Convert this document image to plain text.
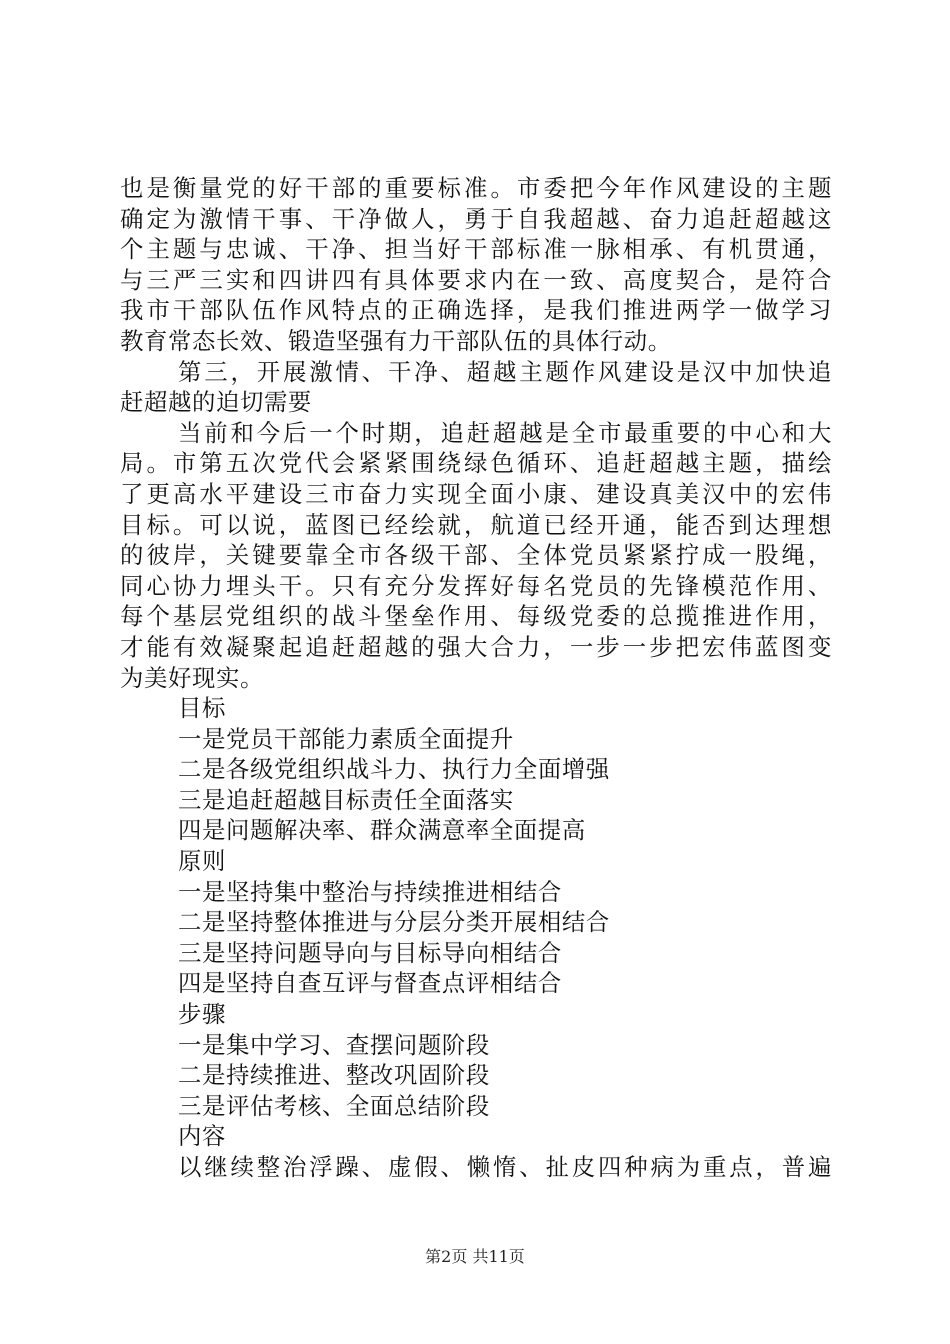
也是衡量党的好干部的重要标准。市委把今年作风建设的主题
确定为激情干事、干净做人，勇于自我超越、奋力追赶超越这
个主题与忠诚、干净、担当好干部标准一脉相承、有机贯通，
与三严三实和四讲四有具体要求内在一致、高度契合，是符合
我市干部队伍作风特点的正确选择，是我们推进两学一做学习
教育常态长效、锻造坚强有力干部队伍的具体行动。
第三，开展激情、干净、超越主题作风建设是汉中加快追
赶超越的迫切需要
当前和今后一个时期，追赶超越是全市最重要的中心和大
局。市第五次党代会紧紧围绕绿色循环、追赶超越主题，描绘
了更高水平建设三市奋力实现全面小康、建设真美汉中的宏伟
目标。可以说，蓝图已经绘就，航道已经开通，能否到达理想
的彼岸，关键要靠全市各级干部、全体党员紧紧拧成一股绳，
同心协力埋头干。只有充分发挥好每名党员的先锋模范作用、
每个基层党组织的战斗堡垒作用、每级党委的总揽推进作用，
才能有效凝聚起追赶超越的强大合力，一步一步把宏伟蓝图变
为美好现实。
目标
一是党员干部能力素质全面提升
二是各级党组织战斗力、执行力全面增强
三是追赶超越目标责任全面落实
四是问题解决率、群众满意率全面提高
原则
一是坚持集中整治与持续推进相结合
二是坚持整体推进与分层分类开展相结合
三是坚持问题导向与目标导向相结合
四是坚持自查互评与督查点评相结合
步骤
一是集中学习、查摆问题阶段
二是持续推进、整改巩固阶段
三是评估考核、全面总结阶段
内容
以继续整治浮躁、虚假、懒惰、扯皮四种病为重点，普遍
第2页 共11页
